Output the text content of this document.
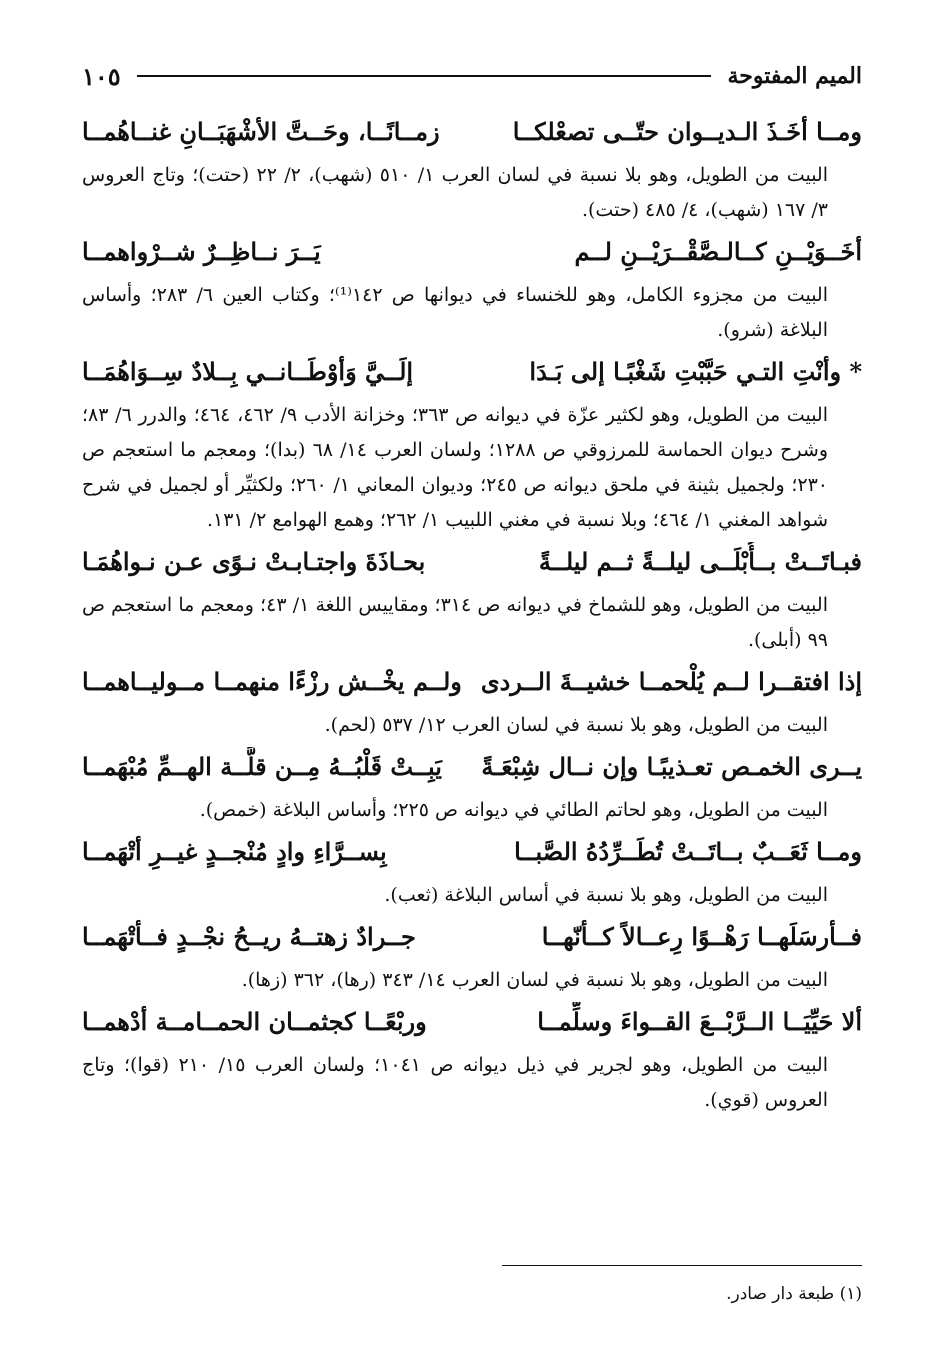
١٠٥	الميم المفتوحة
ومــا أخَـذَ الـديــوان حتّــى تصعْلكــا
زمــانًــا، وحَــتَّ الأشْهَبَــانِ غنــاهُمــا

البيت من الطويل، وهو بلا نسبة في لسان العرب ١/ ٥١٠ (شهب)، ٢/ ٢٢ (حتت)؛ وتاج العروس ٣/ ١٦٧ (شهب)، ٤/ ٤٨٥ (حتت).

أخَــوَيْــنِ كــالـصَّقْــرَيْــنِ لــم
يَــرَ نــاظِــرٌ شــرْواهمــا

البيت من مجزوء الكامل، وهو للخنساء في ديوانها ص ١٤٢⁽¹⁾؛ وكتاب العين ٦/ ٢٨٣؛ وأساس البلاغة (شرو).

* وأنْتِ التـي حَبَّبْتِ شَغْبًـا إلى بَـدَا
إلَــيَّ وَأوْطَــانــي بِــلادٌ سِــوَاهُمَــا

البيت من الطويل، وهو لكثير عزّة في ديوانه ص ٣٦٣؛ وخزانة الأدب ٩/ ٤٦٢، ٤٦٤؛ والدرر ٦/ ٨٣؛ وشرح ديوان الحماسة للمرزوقي ص ١٢٨٨؛ ولسان العرب ١٤/ ٦٨ (بدا)؛ ومعجم ما استعجم ص ٢٣٠؛ ولجميل بثينة في ملحق ديوانه ص ٢٤٥؛ وديوان المعاني ١/ ٢٦٠؛ ولكثيِّر أو لجميل في شرح شواهد المغني ١/ ٤٦٤؛ وبلا نسبة في مغني اللبيب ١/ ٢٦٢؛ وهمع الهوامع ٢/ ١٣١.

فبـاتَــتْ بــأُبْلَــى ليلــةً ثــم ليلــةً
بحـاذَةَ واجتـابـتْ نـوًى عـن نـواهُمَـا

البيت من الطويل، وهو للشماخ في ديوانه ص ٣١٤؛ ومقاييس اللغة ١/ ٤٣؛ ومعجم ما استعجم ص ٩٩ (أبلى).

إذا افتقــرا لــم يُلْحمــا خشيــةَ الــردى
ولــم يخْــش رزْءًا منهمــا مــوليــاهمــا

البيت من الطويل، وهو بلا نسبة في لسان العرب ١٢/ ٥٣٧ (لحم).

يــرى الخمـص تعـذيبًـا وإن نــال شِبْعَـةً
يَبِــتْ قَلْبُــهُ مِــن قلَّــة الهــمِّ مُبْهَمــا

البيت من الطويل، وهو لحاتم الطائي في ديوانه ص ٢٢٥؛ وأساس البلاغة (خمص).

ومــا ثَعَــبٌ بــاتَــتْ تُطَــرِّدُهُ الصَّبــا
بِســرَّاءِ وادٍ مُنْجــدٍ غيــرِ أتْهَمــا

البيت من الطويل، وهو بلا نسبة في أساس البلاغة (ثعب).

فــأرسَلَهــا رَهْــوًا رِعــالاً كــأنّهــا
جــرادٌ زهتــهُ ريــحُ نجْــدٍ فــأتْهَمــا

البيت من الطويل، وهو بلا نسبة في لسان العرب ١٤/ ٣٤٣ (رها)، ٣٦٢ (زها).

ألا حَيِّيَــا الــرَّبْــعَ القــواءَ وسلِّمــا
وربْعًــا كجثمــان الحمــامــة أدْهمــا

البيت من الطويل، وهو لجرير في ذيل ديوانه ص ١٠٤١؛ ولسان العرب ١٥/ ٢١٠ (قوا)؛ وتاج العروس (قوي).

(١) طبعة دار صادر.
